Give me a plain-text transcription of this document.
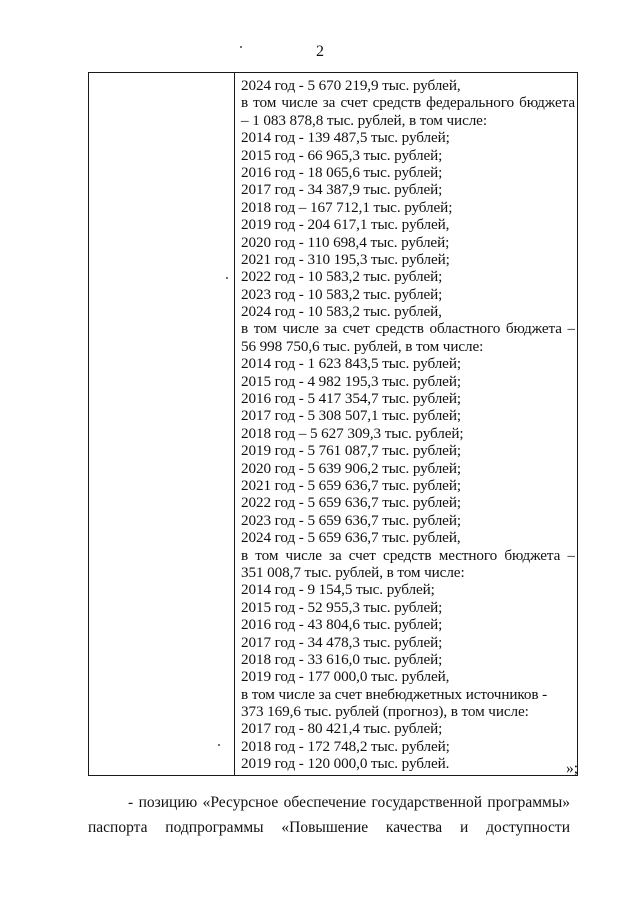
2
2024 год - 5 670 219,9 тыс. рублей,
в том числе за счет средств федерального бюджета
– 1 083 878,8 тыс. рублей, в том числе:
2014 год - 139 487,5 тыс. рублей;
2015 год - 66 965,3 тыс. рублей;
2016 год - 18 065,6 тыс. рублей;
2017 год - 34 387,9 тыс. рублей;
2018 год – 167 712,1 тыс. рублей;
2019 год - 204 617,1 тыс. рублей,
2020 год - 110 698,4 тыс. рублей;
2021 год - 310 195,3 тыс. рублей;
2022 год - 10 583,2 тыс. рублей;
2023 год - 10 583,2 тыс. рублей;
2024 год - 10 583,2 тыс. рублей,
в том числе за счет средств областного бюджета –
56 998 750,6 тыс. рублей, в том числе:
2014 год - 1 623 843,5 тыс. рублей;
2015 год - 4 982 195,3 тыс. рублей;
2016 год - 5 417 354,7 тыс. рублей;
2017 год - 5 308 507,1 тыс. рублей;
2018 год – 5 627 309,3 тыс. рублей;
2019 год - 5 761 087,7 тыс. рублей;
2020 год - 5 639 906,2 тыс. рублей;
2021 год - 5 659 636,7 тыс. рублей;
2022 год - 5 659 636,7 тыс. рублей;
2023 год - 5 659 636,7 тыс. рублей;
2024 год - 5 659 636,7 тыс. рублей,
в том числе за счет средств местного бюджета –
351 008,7 тыс. рублей, в том числе:
2014 год - 9 154,5 тыс. рублей;
2015 год - 52 955,3 тыс. рублей;
2016 год - 43 804,6 тыс. рублей;
2017 год - 34 478,3 тыс. рублей;
2018 год - 33 616,0 тыс. рублей;
2019 год - 177 000,0 тыс. рублей,
в том числе за счет внебюджетных источников -
373 169,6 тыс. рублей (прогноз), в том числе:
2017 год - 80 421,4 тыс. рублей;
2018 год - 172 748,2 тыс. рублей;
2019 год - 120 000,0 тыс. рублей.	»;
- позицию «Ресурсное обеспечение государственной программы»
паспорта подпрограммы «Повышение качества и доступности
